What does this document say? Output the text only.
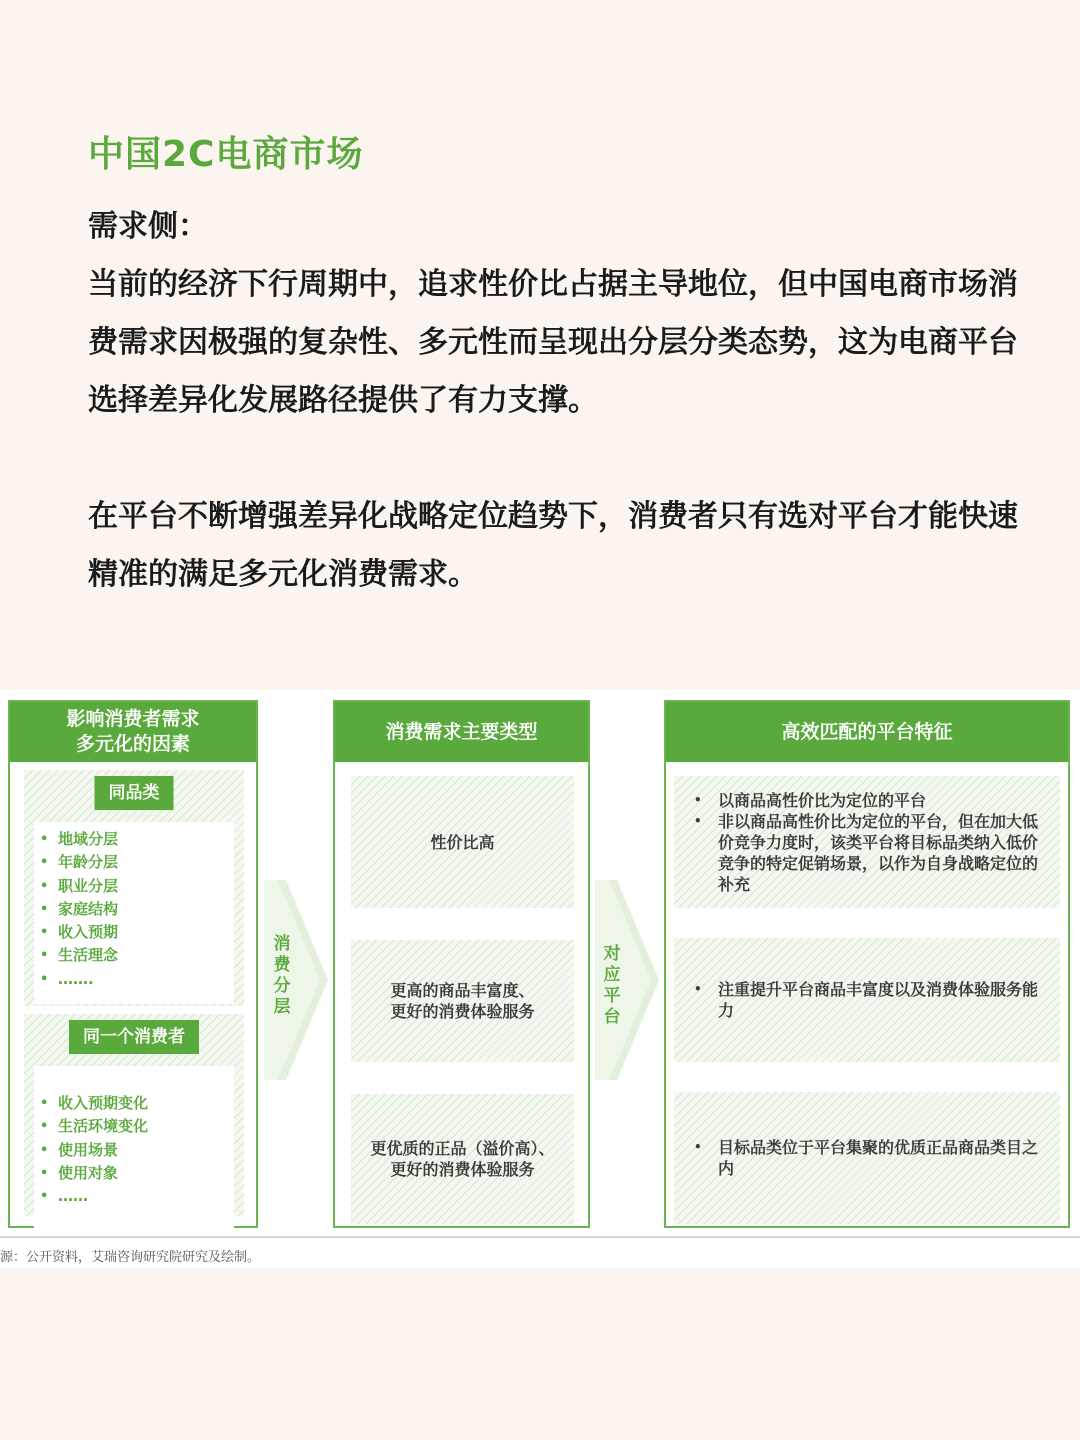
中国2C电商市场

需求侧：

当前的经济下行周期中，追求性价比占据主导地位，但中国电商市场消费需求因极强的复杂性、多元性而呈现出分层分类态势，这为电商平台选择差异化发展路径提供了有力支撑。

在平台不断增强差异化战略定位趋势下，消费者只有选对平台才能快速精准的满足多元化消费需求。

影响消费者需求
多元化的因素
同品类
• 地域分层
• 年龄分层
• 职业分层
• 家庭结构
• 收入预期
• 生活理念
• …….
同一个消费者
• 收入预期变化
• 生活环境变化
• 使用场景
• 使用对象
• ……
消
费
分
层
消费需求主要类型
性价比高
更高的商品丰富度、
更好的消费体验服务
更优质的正品（溢价高）、
更好的消费体验服务
对
应
平
台
高效匹配的平台特征
• 以商品高性价比为定位的平台
• 非以商品高性价比为定位的平台，但在加大低价竞争力度时，该类平台将目标品类纳入低价竞争的特定促销场景，以作为自身战略定位的补充
• 注重提升平台商品丰富度以及消费体验服务能力
• 目标品类位于平台集聚的优质正品商品类目之内
源：公开资料，艾瑞咨询研究院研究及绘制。
